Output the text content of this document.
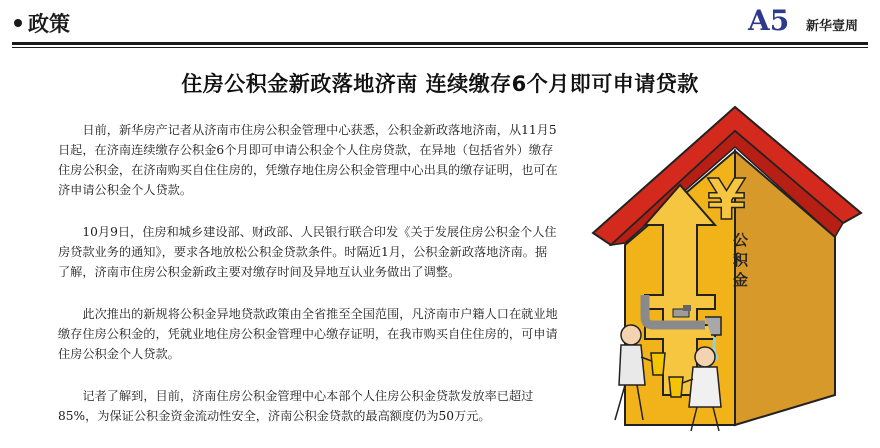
政策	A5 新华壹周
住房公积金新政落地济南 连续缴存6个月即可申请贷款

日前，新华房产记者从济南市住房公积金管理中心获悉，公积金新政落地济南，从11月5日起，在济南连续缴存公积金6个月即可申请公积金个人住房贷款，在异地（包括省外）缴存住房公积金，在济南购买自住住房的，凭缴存地住房公积金管理中心出具的缴存证明，也可在济申请公积金个人贷款。

10月9日，住房和城乡建设部、财政部、人民银行联合印发《关于发展住房公积金个人住房贷款业务的通知》，要求各地放松公积金贷款条件。时隔近1月，公积金新政落地济南。据了解，济南市住房公积金新政主要对缴存时间及异地互认业务做出了调整。

此次推出的新规将公积金异地贷款政策由全省推至全国范围，凡济南市户籍人口在就业地缴存住房公积金的，凭就业地住房公积金管理中心缴存证明，在我市购买自住住房的，可申请住房公积金个人贷款。

记者了解到，目前，济南住房公积金管理中心本部个人住房公积金贷款发放率已超过85%，为保证公积金资金流动性安全，济南公积金贷款的最高额度仍为50万元。

¥
公
积
金
